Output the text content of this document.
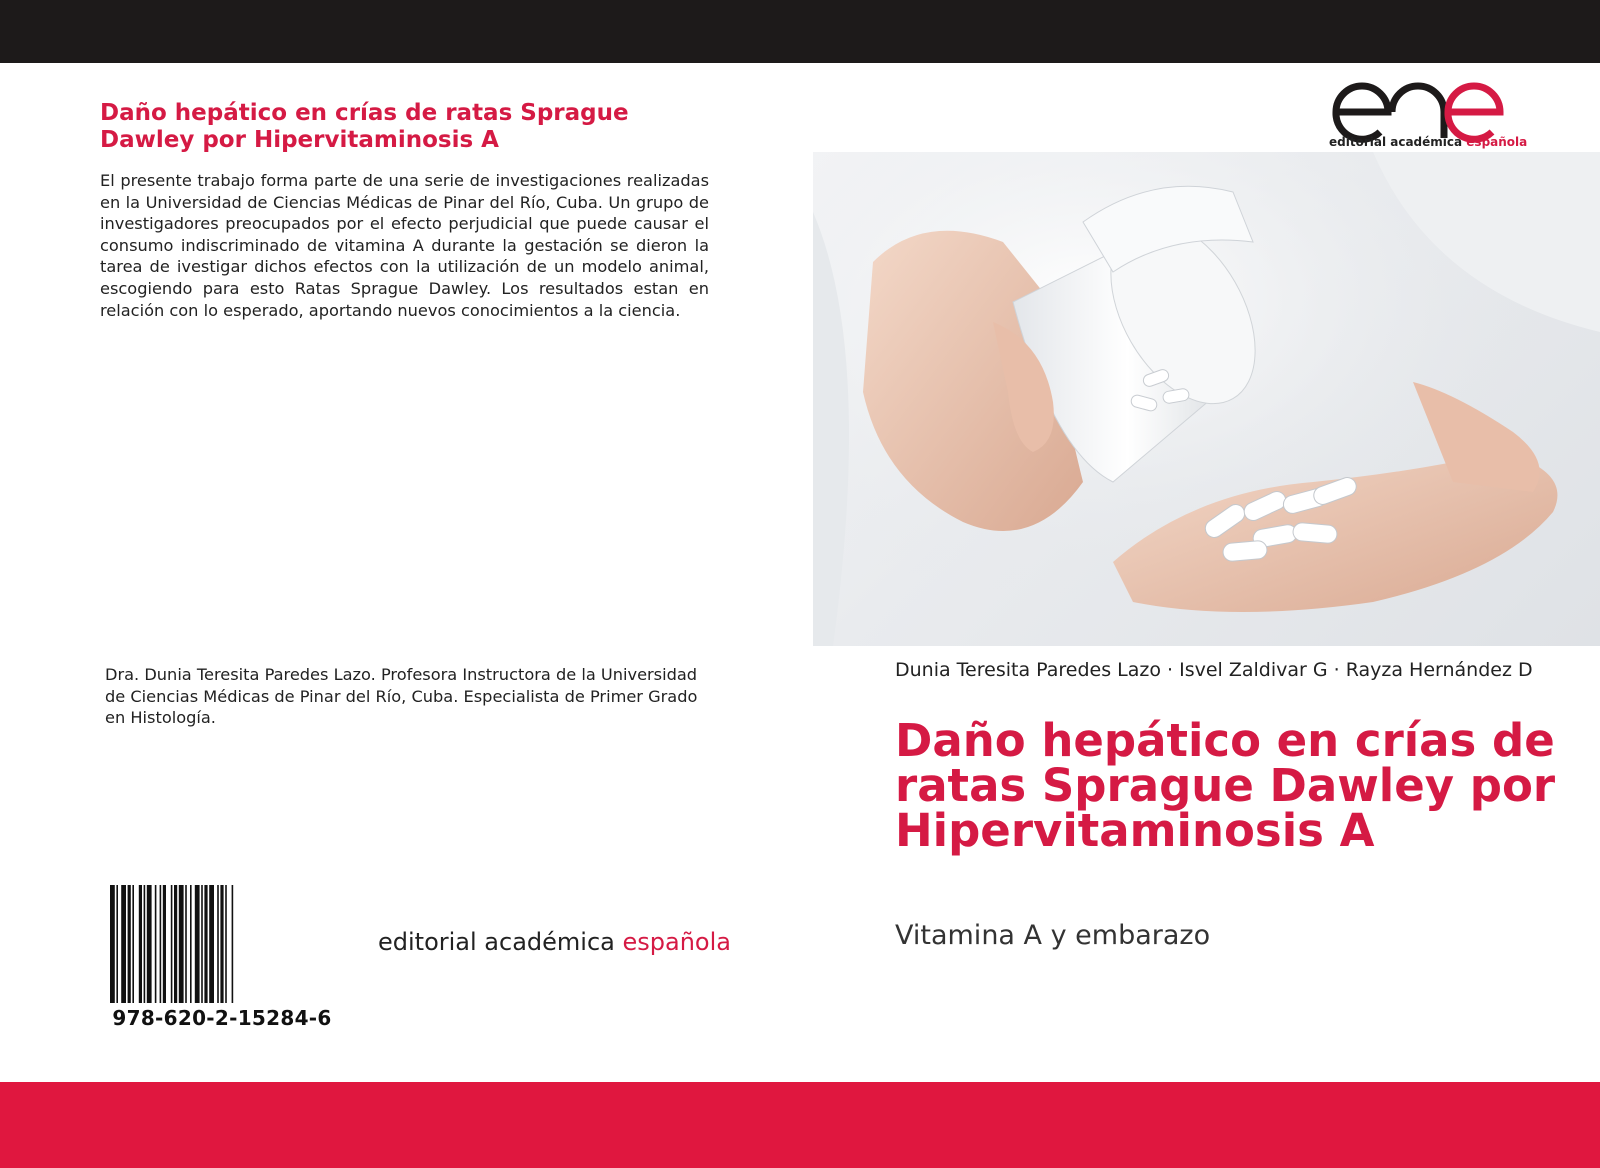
Daño hepático en crías de ratas Sprague Dawley por Hipervitaminosis A

El presente trabajo forma parte de una serie de investigaciones realizadas en la Universidad de Ciencias Médicas de Pinar del Río, Cuba. Un grupo de investigadores preocupados por el efecto perjudicial que puede causar el consumo indiscriminado de vitamina A durante la gestación se dieron la tarea de ivestigar dichos efectos con la utilización de un modelo animal, escogiendo para esto Ratas Sprague Dawley. Los resultados estan en relación con lo esperado, aportando nuevos conocimientos a la ciencia.

Dra. Dunia Teresita Paredes Lazo. Profesora Instructora de la Universidad de Ciencias Médicas de Pinar del Río, Cuba. Especialista de Primer Grado en Histología.

978-620-2-15284-6
editorial académica española
editorial académica española

Dunia Teresita Paredes Lazo · Isvel Zaldivar G · Rayza Hernández D

Daño hepático en crías de ratas Sprague Dawley por Hipervitaminosis A

Vitamina A y embarazo
